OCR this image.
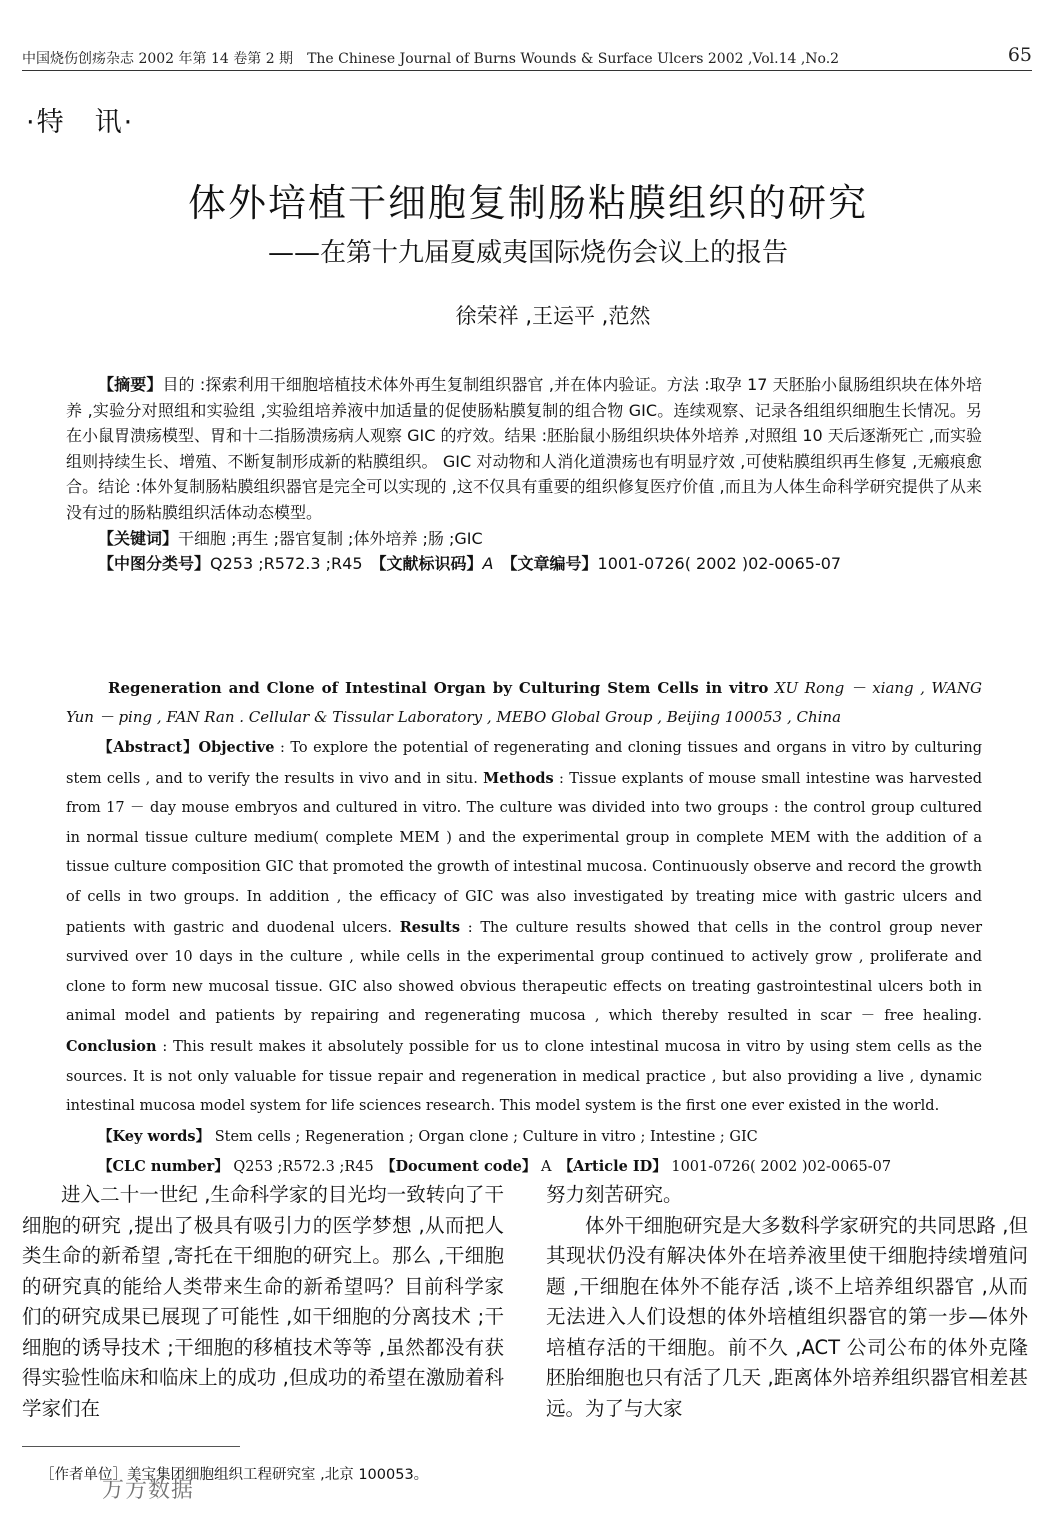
中国烧伤创疡杂志 2002 年第 14 卷第 2 期　 The Chinese Journal of Burns Wounds & Surface Ulcers 2002 ,Vol.14 ,No.2	65
·特　讯·
体外培植干细胞复制肠粘膜组织的研究
——在第十九届夏威夷国际烧伤会议上的报告
徐荣祥 ,王运平 ,范然

【摘要】目的 :探索利用干细胞培植技术体外再生复制组织器官 ,并在体内验证。方法 :取孕 17 天胚胎小鼠肠组织块在体外培养 ,实验分对照组和实验组 ,实验组培养液中加适量的促使肠粘膜复制的组合物 GIC。连续观察、记录各组组织细胞生长情况。另在小鼠胃溃疡模型、胃和十二指肠溃疡病人观察 GIC 的疗效。结果 :胚胎鼠小肠组织块体外培养 ,对照组 10 天后逐渐死亡 ,而实验组则持续生长、增殖、不断复制形成新的粘膜组织。 GIC 对动物和人消化道溃疡也有明显疗效 ,可使粘膜组织再生修复 ,无瘢痕愈合。结论 :体外复制肠粘膜组织器官是完全可以实现的 ,这不仅具有重要的组织修复医疗价值 ,而且为人体生命科学研究提供了从来没有过的肠粘膜组织活体动态模型。

【关键词】干细胞 ;再生 ;器官复制 ;体外培养 ;肠 ;GIC

【中图分类号】Q253 ;R572.3 ;R45　 【文献标识码】A　 【文章编号】1001-0726( 2002 )02-0065-07

Regeneration and Clone of Intestinal Organ by Culturing Stem Cells in vitro XU Rong － xiang , WANG Yun － ping , FAN Ran . Cellular & Tissular Laboratory , MEBO Global Group , Beijing 100053 , China

【Abstract】Objective : To explore the potential of regenerating and cloning tissues and organs in vitro by culturing stem cells , and to verify the results in vivo and in situ. Methods : Tissue explants of mouse small intestine was harvested from 17 － day mouse embryos and cultured in vitro. The culture was divided into two groups : the control group cultured in normal tissue culture medium( complete MEM ) and the experimental group in complete MEM with the addition of a tissue culture composition GIC that promoted the growth of intestinal mucosa. Continuously observe and record the growth of cells in two groups. In addition , the efficacy of GIC was also investigated by treating mice with gastric ulcers and patients with gastric and duodenal ulcers. Results : The culture results showed that cells in the control group never survived over 10 days in the culture , while cells in the experimental group continued to actively grow , proliferate and clone to form new mucosal tissue. GIC also showed obvious therapeutic effects on treating gastrointestinal ulcers both in animal model and patients by repairing and regenerating mucosa , which thereby resulted in scar － free healing. Conclusion : This result makes it absolutely possible for us to clone intestinal mucosa in vitro by using stem cells as the sources. It is not only valuable for tissue repair and regeneration in medical practice , but also providing a live , dynamic intestinal mucosa model system for life sciences research. This model system is the first one ever existed in the world.

【Key words】 Stem cells ; Regeneration ; Organ clone ; Culture in vitro ; Intestine ; GIC

【CLC number】 Q253 ;R572.3 ;R45　 【Document code】 A　 【Article ID】 1001-0726( 2002 )02-0065-07

进入二十一世纪 ,生命科学家的目光均一致转向了干细胞的研究 ,提出了极具有吸引力的医学梦想 ,从而把人类生命的新希望 ,寄托在干细胞的研究上。那么 ,干细胞的研究真的能给人类带来生命的新希望吗？目前科学家们的研究成果已展现了可能性 ,如干细胞的分离技术 ;干细胞的诱导技术 ;干细胞的移植技术等等 ,虽然都没有获得实验性临床和临床上的成功 ,但成功的希望在激励着科学家们在

努力刻苦研究。

体外干细胞研究是大多数科学家研究的共同思路 ,但其现状仍没有解决体外在培养液里使干细胞持续增殖问题 ,干细胞在体外不能存活 ,谈不上培养组织器官 ,从而无法进入人们设想的体外培植组织器官的第一步—体外培植存活的干细胞。前不久 ,ACT 公司公布的体外克隆胚胎细胞也只有活了几天 ,距离体外培养组织器官相差甚远。为了与大家

［作者单位］美宝集团细胞组织工程研究室 ,北京 100053。
万方数据
